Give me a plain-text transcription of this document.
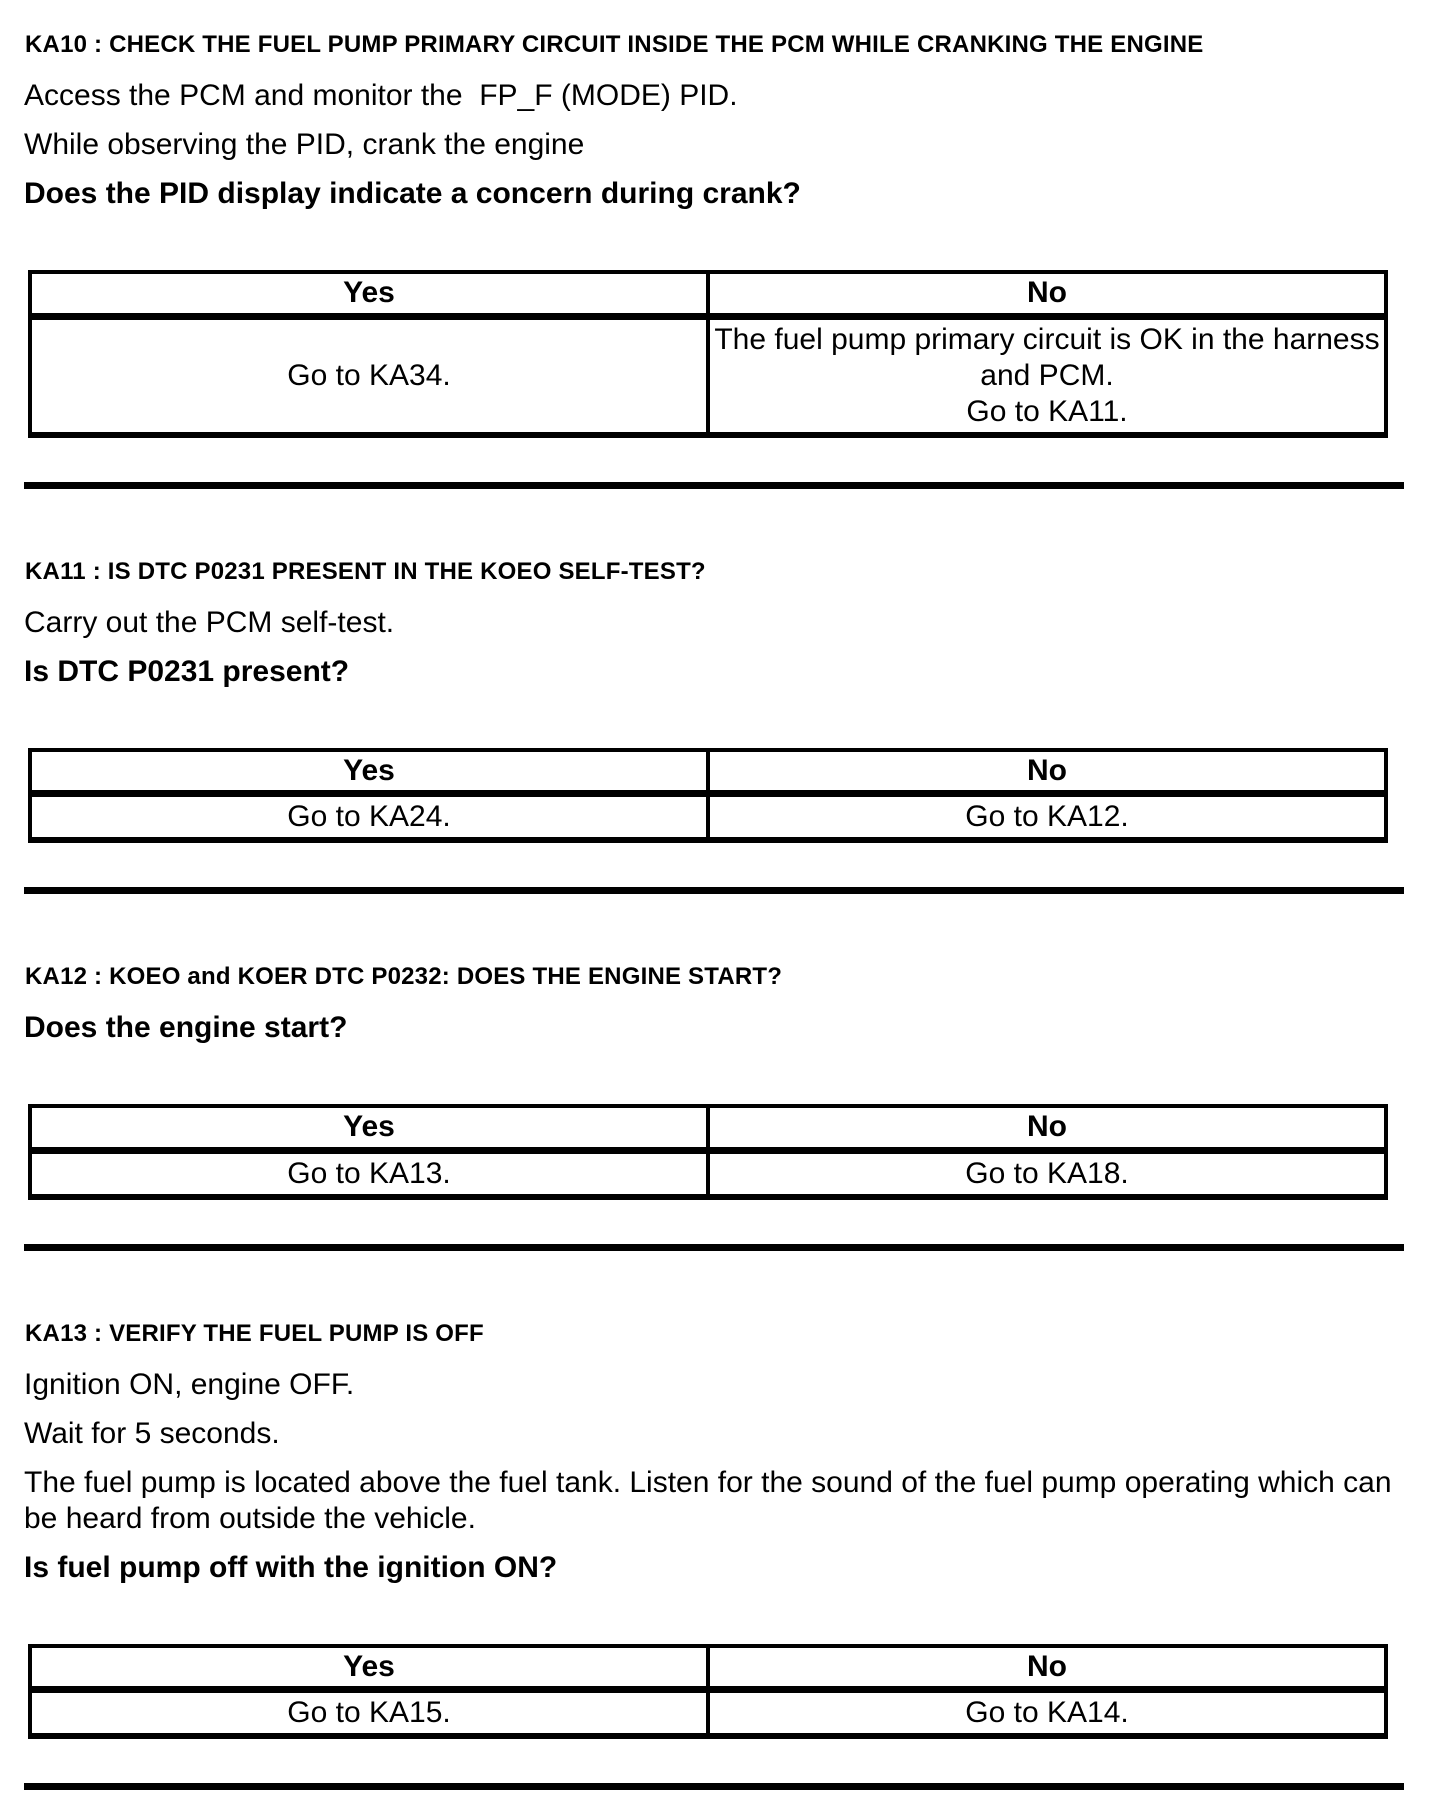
KA10 : CHECK THE FUEL PUMP PRIMARY CIRCUIT INSIDE THE PCM WHILE CRANKING THE ENGINE
Access the PCM and monitor the  FP_F (MODE) PID.
While observing the PID, crank the engine
Does the PID display indicate a concern during crank?
Yes	No

Go to KA34.	The fuel pump primary circuit is OK in the harness and PCM.
Go to KA11.
KA11 : IS DTC P0231 PRESENT IN THE KOEO SELF-TEST?
Carry out the PCM self-test.
Is DTC P0231 present?
Yes	No

Go to KA24.	Go to KA12.
KA12 : KOEO and KOER DTC P0232: DOES THE ENGINE START?
Does the engine start?
Yes	No

Go to KA13.	Go to KA18.
KA13 : VERIFY THE FUEL PUMP IS OFF
Ignition ON, engine OFF.
Wait for 5 seconds.
The fuel pump is located above the fuel tank. Listen for the sound of the fuel pump operating which can be heard from outside the vehicle.
Is fuel pump off with the ignition ON?
Yes	No

Go to KA15.	Go to KA14.
